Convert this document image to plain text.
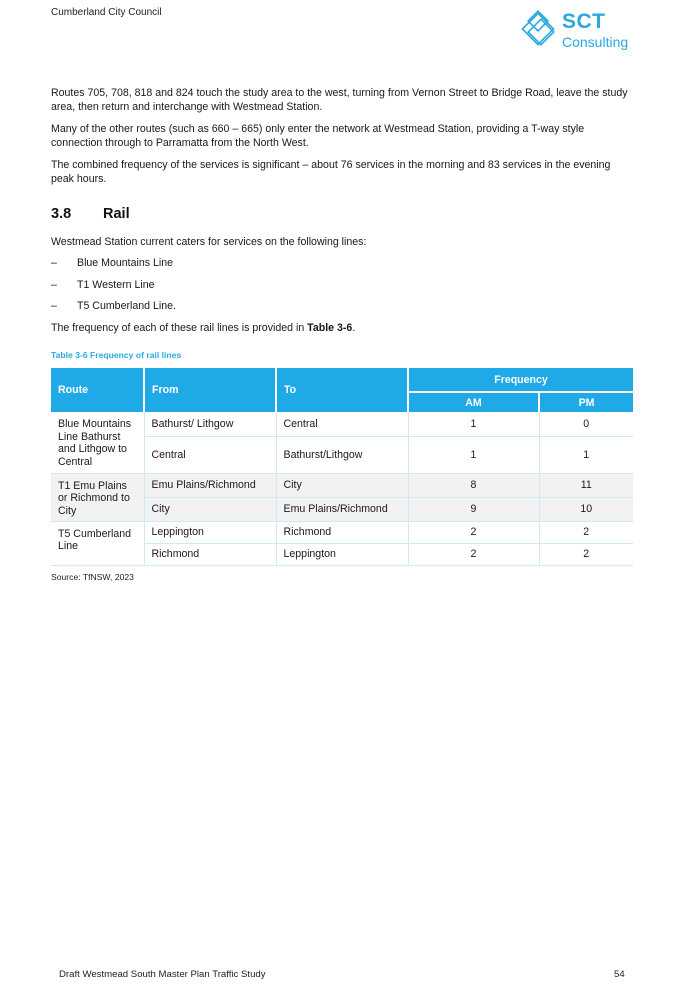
Cumberland City Council	SCT
Consulting

Routes 705, 708, 818 and 824 touch the study area to the west, turning from Vernon Street to Bridge Road, leave the study area, then return and interchange with Westmead Station.

Many of the other routes (such as 660 – 665) only enter the network at Westmead Station, providing a T-way style connection through to Parramatta from the North West.

The combined frequency of the services is significant – about 76 services in the morning and 83 services in the evening peak hours.

3.8 Rail

Westmead Station current caters for services on the following lines:

– Blue Mountains Line
– T1 Western Line
– T5 Cumberland Line.

The frequency of each of these rail lines is provided in Table 3-6.

Table 3-6 Frequency of rail lines
Route	From	To	Frequency	
			AM	PM
Blue Mountains Line Bathurst and Lithgow to Central	Bathurst/ Lithgow	Central	1	0
	Central	Bathurst/Lithgow	1	1
T1 Emu Plains or Richmond to City	Emu Plains/Richmond	City	8	11
	City	Emu Plains/Richmond	9	10
T5 Cumberland Line	Leppington	Richmond	2	2
	Richmond	Leppington	2	2
Source: TfNSW, 2023
Draft Westmead South Master Plan Traffic Study	54
